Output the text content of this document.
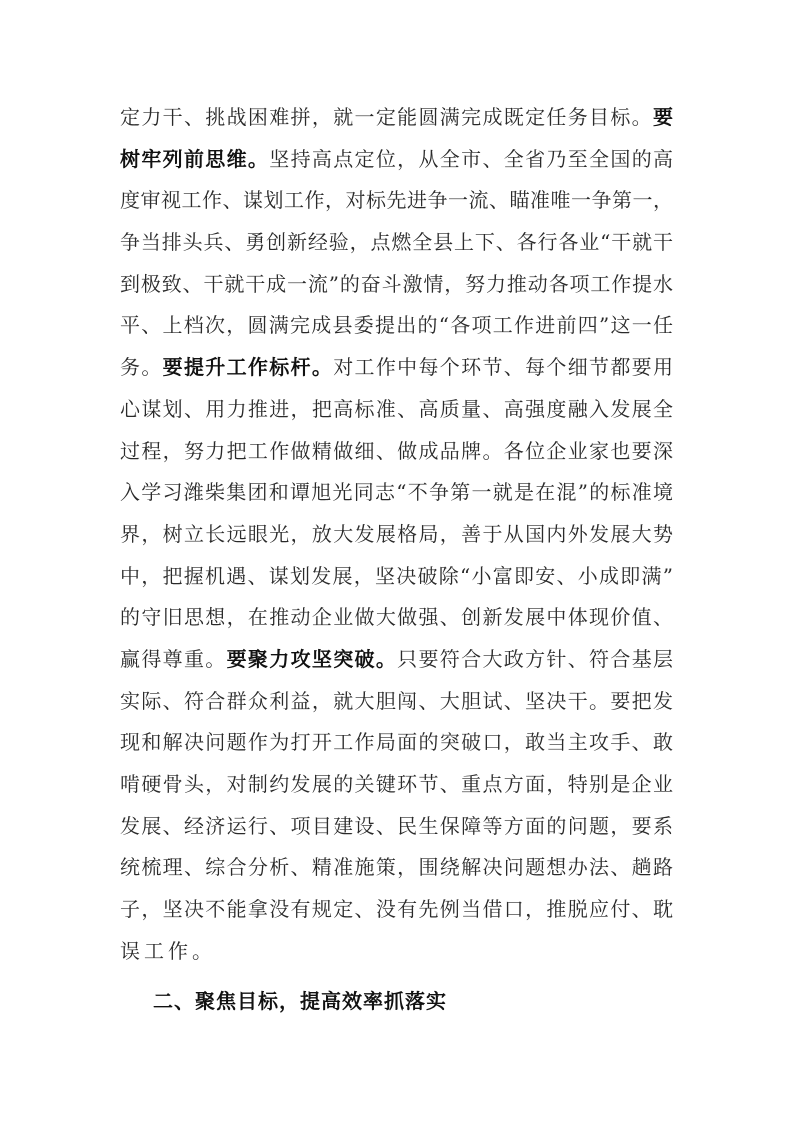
定力干、挑战困难拼，就一定能圆满完成既定任务目标。要
树牢列前思维。坚持高点定位，从全市、全省乃至全国的高
度审视工作、谋划工作，对标先进争一流、瞄准唯一争第一，
争当排头兵、勇创新经验，点燃全县上下、各行各业“干就干
到极致、干就干成一流”的奋斗激情，努力推动各项工作提水
平、上档次，圆满完成县委提出的“各项工作进前四”这一任
务。要提升工作标杆。对工作中每个环节、每个细节都要用
心谋划、用力推进，把高标准、高质量、高强度融入发展全
过程，努力把工作做精做细、做成品牌。各位企业家也要深
入学习潍柴集团和谭旭光同志“不争第一就是在混”的标准境
界，树立长远眼光，放大发展格局，善于从国内外发展大势
中，把握机遇、谋划发展，坚决破除“小富即安、小成即满”
的守旧思想，在推动企业做大做强、创新发展中体现价值、
赢得尊重。要聚力攻坚突破。只要符合大政方针、符合基层
实际、符合群众利益，就大胆闯、大胆试、坚决干。要把发
现和解决问题作为打开工作局面的突破口，敢当主攻手、敢
啃硬骨头，对制约发展的关键环节、重点方面，特别是企业
发展、经济运行、项目建设、民生保障等方面的问题，要系
统梳理、综合分析、精准施策，围绕解决问题想办法、趟路
子，坚决不能拿没有规定、没有先例当借口，推脱应付、耽
误工作。
二、聚焦目标，提高效率抓落实
